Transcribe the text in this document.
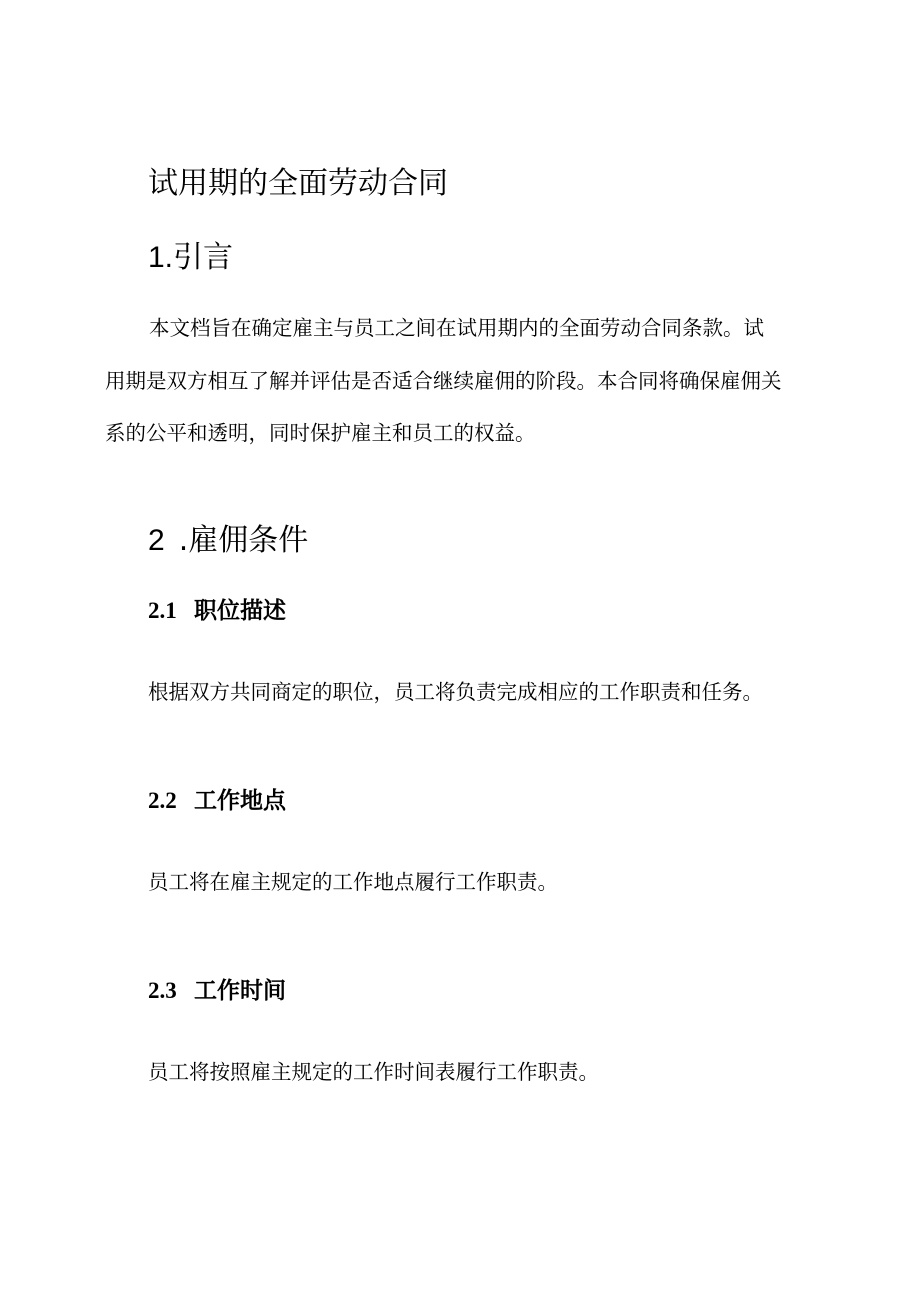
试用期的全面劳动合同
1.引言
本文档旨在确定雇主与员工之间在试用期内的全面劳动合同条款。试
用期是双方相互了解并评估是否适合继续雇佣的阶段。本合同将确保雇佣关
系的公平和透明，同时保护雇主和员工的权益。
2 .雇佣条件
2.1 职位描述

根据双方共同商定的职位，员工将负责完成相应的工作职责和任务。

2.2 工作地点

员工将在雇主规定的工作地点履行工作职责。

2.3 工作时间

员工将按照雇主规定的工作时间表履行工作职责。
